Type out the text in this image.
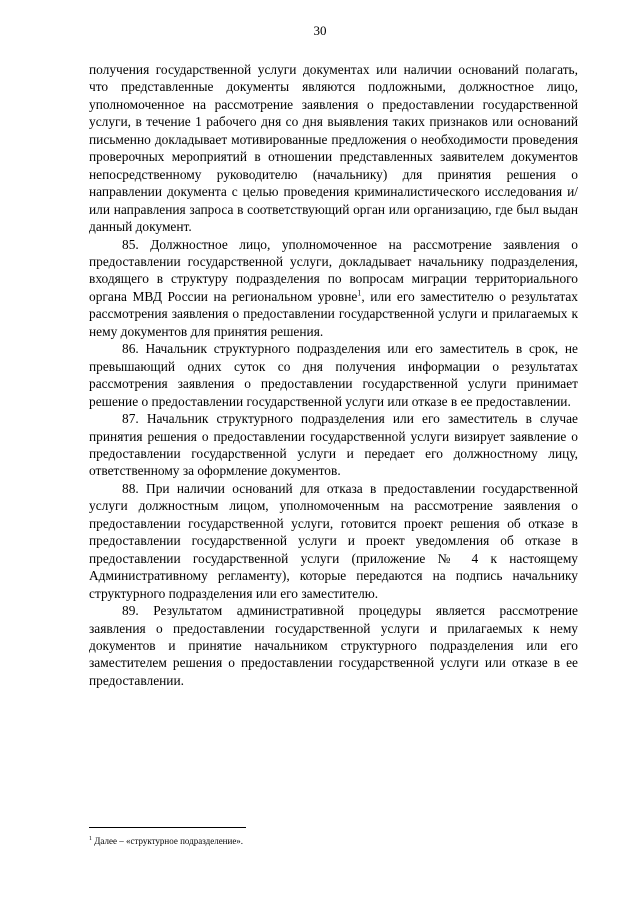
30

получения государственной услуги документах или наличии оснований полагать, что представленные документы являются подложными, должностное лицо, уполномоченное на рассмотрение заявления о предоставлении государственной услуги, в течение 1 рабочего дня со дня выявления таких признаков или оснований письменно докладывает мотивированные предложения о необходимости проведения проверочных мероприятий в отношении представленных заявителем документов непосредственному руководителю (начальнику) для принятия решения о направлении документа с целью проведения криминалистического исследования и/или направления запроса в соответствующий орган или организацию, где был выдан данный документ.

85. Должностное лицо, уполномоченное на рассмотрение заявления о предоставлении государственной услуги, докладывает начальнику подразделения, входящего в структуру подразделения по вопросам миграции территориального органа МВД России на региональном уровне$^1$, или его заместителю о результатах рассмотрения заявления о предоставлении государственной услуги и прилагаемых к нему документов для принятия решения.

86. Начальник структурного подразделения или его заместитель в срок, не превышающий одних суток со дня получения информации о результатах рассмотрения заявления о предоставлении государственной услуги принимает решение о предоставлении государственной услуги или отказе в ее предоставлении.

87. Начальник структурного подразделения или его заместитель в случае принятия решения о предоставлении государственной услуги визирует заявление о предоставлении государственной услуги и передает его должностному лицу, ответственному за оформление документов.

88. При наличии оснований для отказа в предоставлении государственной услуги должностным лицом, уполномоченным на рассмотрение заявления о предоставлении государственной услуги, готовится проект решения об отказе в предоставлении государственной услуги и проект уведомления об отказе в предоставлении государственной услуги (приложение № 4 к настоящему Административному регламенту), которые передаются на подпись начальнику структурного подразделения или его заместителю.

89. Результатом административной процедуры является рассмотрение заявления о предоставлении государственной услуги и прилагаемых к нему документов и принятие начальником структурного подразделения или его заместителем решения о предоставлении государственной услуги или отказе в ее предоставлении.

$^1$ Далее – «структурное подразделение».
